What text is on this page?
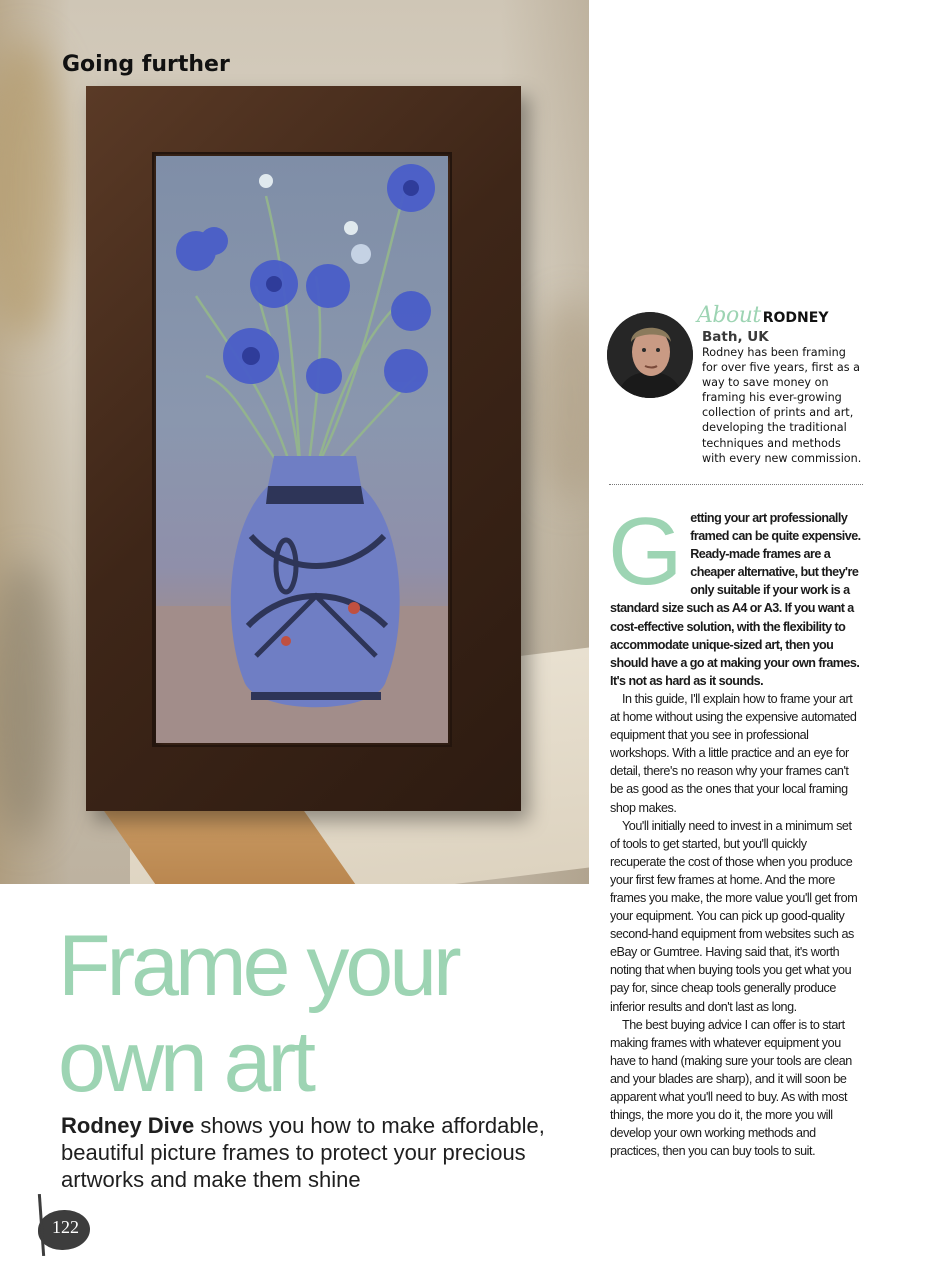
Going further
Frame your
own art

Rodney Dive shows you how to make affordable, beautiful picture frames to protect your precious artworks and make them shine

122
About RODNEY
Bath, UK

Rodney has been framing for over five years, first as a way to save money on framing his ever-growing collection of prints and art, developing the traditional techniques and methods with every new commission.

G etting your art professionally framed can be quite expensive. Ready-made frames are a cheaper alternative, but they're only suitable if your work is a standard size such as A4 or A3. If you want a cost-effective solution, with the flexibility to accommodate unique-sized art, then you should have a go at making your own frames. It's not as hard as it sounds.

In this guide, I'll explain how to frame your art at home without using the expensive automated equipment that you see in professional workshops. With a little practice and an eye for detail, there's no reason why your frames can't be as good as the ones that your local framing shop makes.

You'll initially need to invest in a minimum set of tools to get started, but you'll quickly recuperate the cost of those when you produce your first few frames at home. And the more frames you make, the more value you'll get from your equipment. You can pick up good-quality second-hand equipment from websites such as eBay or Gumtree. Having said that, it's worth noting that when buying tools you get what you pay for, since cheap tools generally produce inferior results and don't last as long.

The best buying advice I can offer is to start making frames with whatever equipment you have to hand (making sure your tools are clean and your blades are sharp), and it will soon be apparent what you'll need to buy. As with most things, the more you do it, the more you will develop your own working methods and practices, then you can buy tools to suit.
